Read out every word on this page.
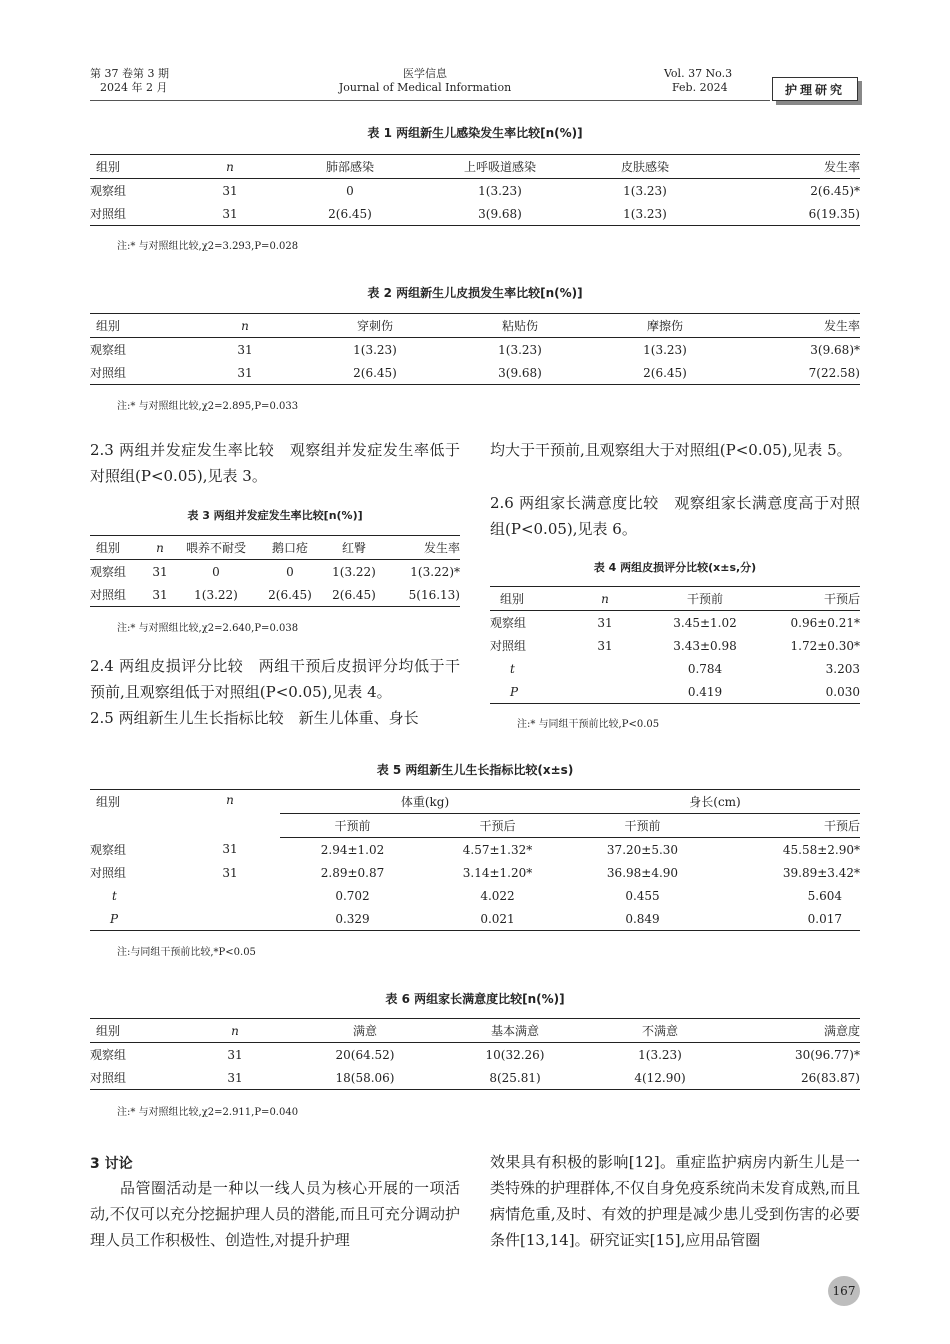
第 37 卷第 3 期
2024 年 2 月
医学信息
Journal of Medical Information
Vol. 37 No.3
Feb. 2024	护理研究
表 1 两组新生儿感染发生率比较[n(%)]
组别	n	肺部感染	上呼吸道感染	皮肤感染	发生率
观察组	31	0	1(3.23)	1(3.23)	2(6.45)*
对照组	31	2(6.45)	3(9.68)	1(3.23)	6(19.35)
注:* 与对照组比较,χ2=3.293,P=0.028
表 2 两组新生儿皮损发生率比较[n(%)]
组别	n	穿刺伤	粘贴伤	摩擦伤	发生率
观察组	31	1(3.23)	1(3.23)	1(3.23)	3(9.68)*
对照组	31	2(6.45)	3(9.68)	2(6.45)	7(22.58)
注:* 与对照组比较,χ2=2.895,P=0.033
2.3 两组并发症发生率比较　观察组并发症发生率低于对照组(P<0.05),见表 3。
表 3 两组并发症发生率比较[n(%)]
组别	n	喂养不耐受	鹅口疮	红臀	发生率
观察组	31	0	0	1(3.22)	1(3.22)*
对照组	31	1(3.22)	2(6.45)	2(6.45)	5(16.13)
注:* 与对照组比较,χ2=2.640,P=0.038
2.4 两组皮损评分比较　两组干预后皮损评分均低于干预前,且观察组低于对照组(P<0.05),见表 4。
2.5 两组新生儿生长指标比较　新生儿体重、身长
均大于干预前,且观察组大于对照组(P<0.05),见表 5。
2.6 两组家长满意度比较　观察组家长满意度高于对照组(P<0.05),见表 6。
表 4 两组皮损评分比较(x±s,分)
组别	n	干预前	干预后
观察组	31	3.45±1.02	0.96±0.21*
对照组	31	3.43±0.98	1.72±0.30*
t		0.784	3.203
P		0.419	0.030
注:* 与同组干预前比较,P<0.05
表 5 两组新生儿生长指标比较(x±s)
组别	n	体重(kg)		身长(cm)	
		干预前	干预后	干预前	干预后
观察组	31	2.94±1.02	4.57±1.32*	37.20±5.30	45.58±2.90*
对照组	31	2.89±0.87	3.14±1.20*	36.98±4.90	39.89±3.42*
t		0.702	4.022	0.455	5.604
P		0.329	0.021	0.849	0.017
注:与同组干预前比较,*P<0.05
表 6 两组家长满意度比较[n(%)]
组别	n	满意	基本满意	不满意	满意度
观察组	31	20(64.52)	10(32.26)	1(3.23)	30(96.77)*
对照组	31	18(58.06)	8(25.81)	4(12.90)	26(83.87)
注:* 与对照组比较,χ2=2.911,P=0.040
3 讨论
品管圈活动是一种以一线人员为核心开展的一项活动,不仅可以充分挖掘护理人员的潜能,而且可充分调动护理人员工作积极性、创造性,对提升护理
效果具有积极的影响[12]。重症监护病房内新生儿是一类特殊的护理群体,不仅自身免疫系统尚未发育成熟,而且病情危重,及时、有效的护理是减少患儿受到伤害的必要条件[13,14]。研究证实[15],应用品管圈
167
